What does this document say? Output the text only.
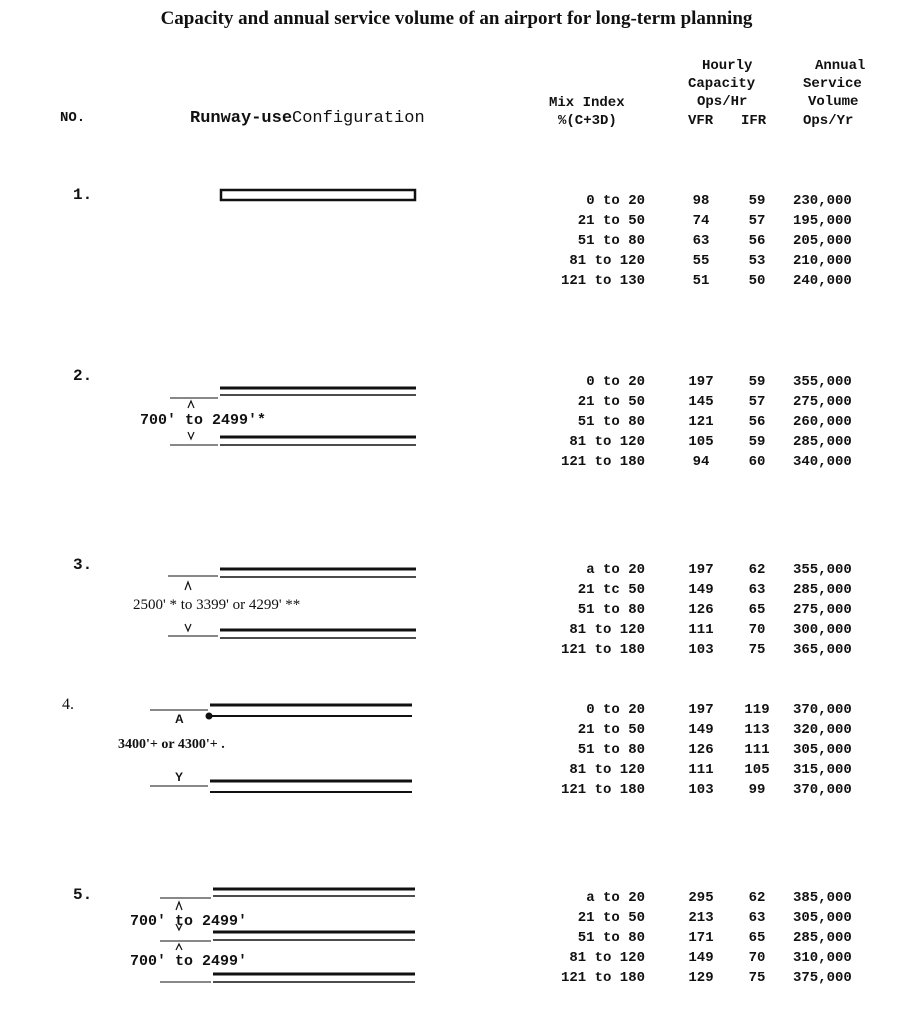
Capacity and annual service volume of an airport for long-term planning
NO.	Runway-useConfiguration
Mix Index
%(C+3D)
Hourly
Capacity
Ops/Hr
VFR IFR
Annual
Service
Volume
Ops/Yr
A
Y
1.
2.
3.
4.
5.
700' to 2499'*
2500' * to 3399' or 4299' **
3400'+ or 4300'+ .
700' to 2499'
700' to 2499'
0 to 20	98	59	230,000
21 to 50	74	57	195,000
51 to 80	63	56	205,000
81 to 120	55	53	210,000
121 to 130	51	50	240,000
0 to 20	197	59	355,000
21 to 50	145	57	275,000
51 to 80	121	56	260,000
81 to 120	105	59	285,000
121 to 180	94	60	340,000
a to 20	197	62	355,000
21 tc 50	149	63	285,000
51 to 80	126	65	275,000
81 to 120	111	70	300,000
121 to 180	103	75	365,000
0 to 20	197	119	370,000
21 to 50	149	113	320,000
51 to 80	126	111	305,000
81 to 120	111	105	315,000
121 to 180	103	99	370,000
a to 20	295	62	385,000
21 to 50	213	63	305,000
51 to 80	171	65	285,000
81 to 120	149	70	310,000
121 to 180	129	75	375,000
